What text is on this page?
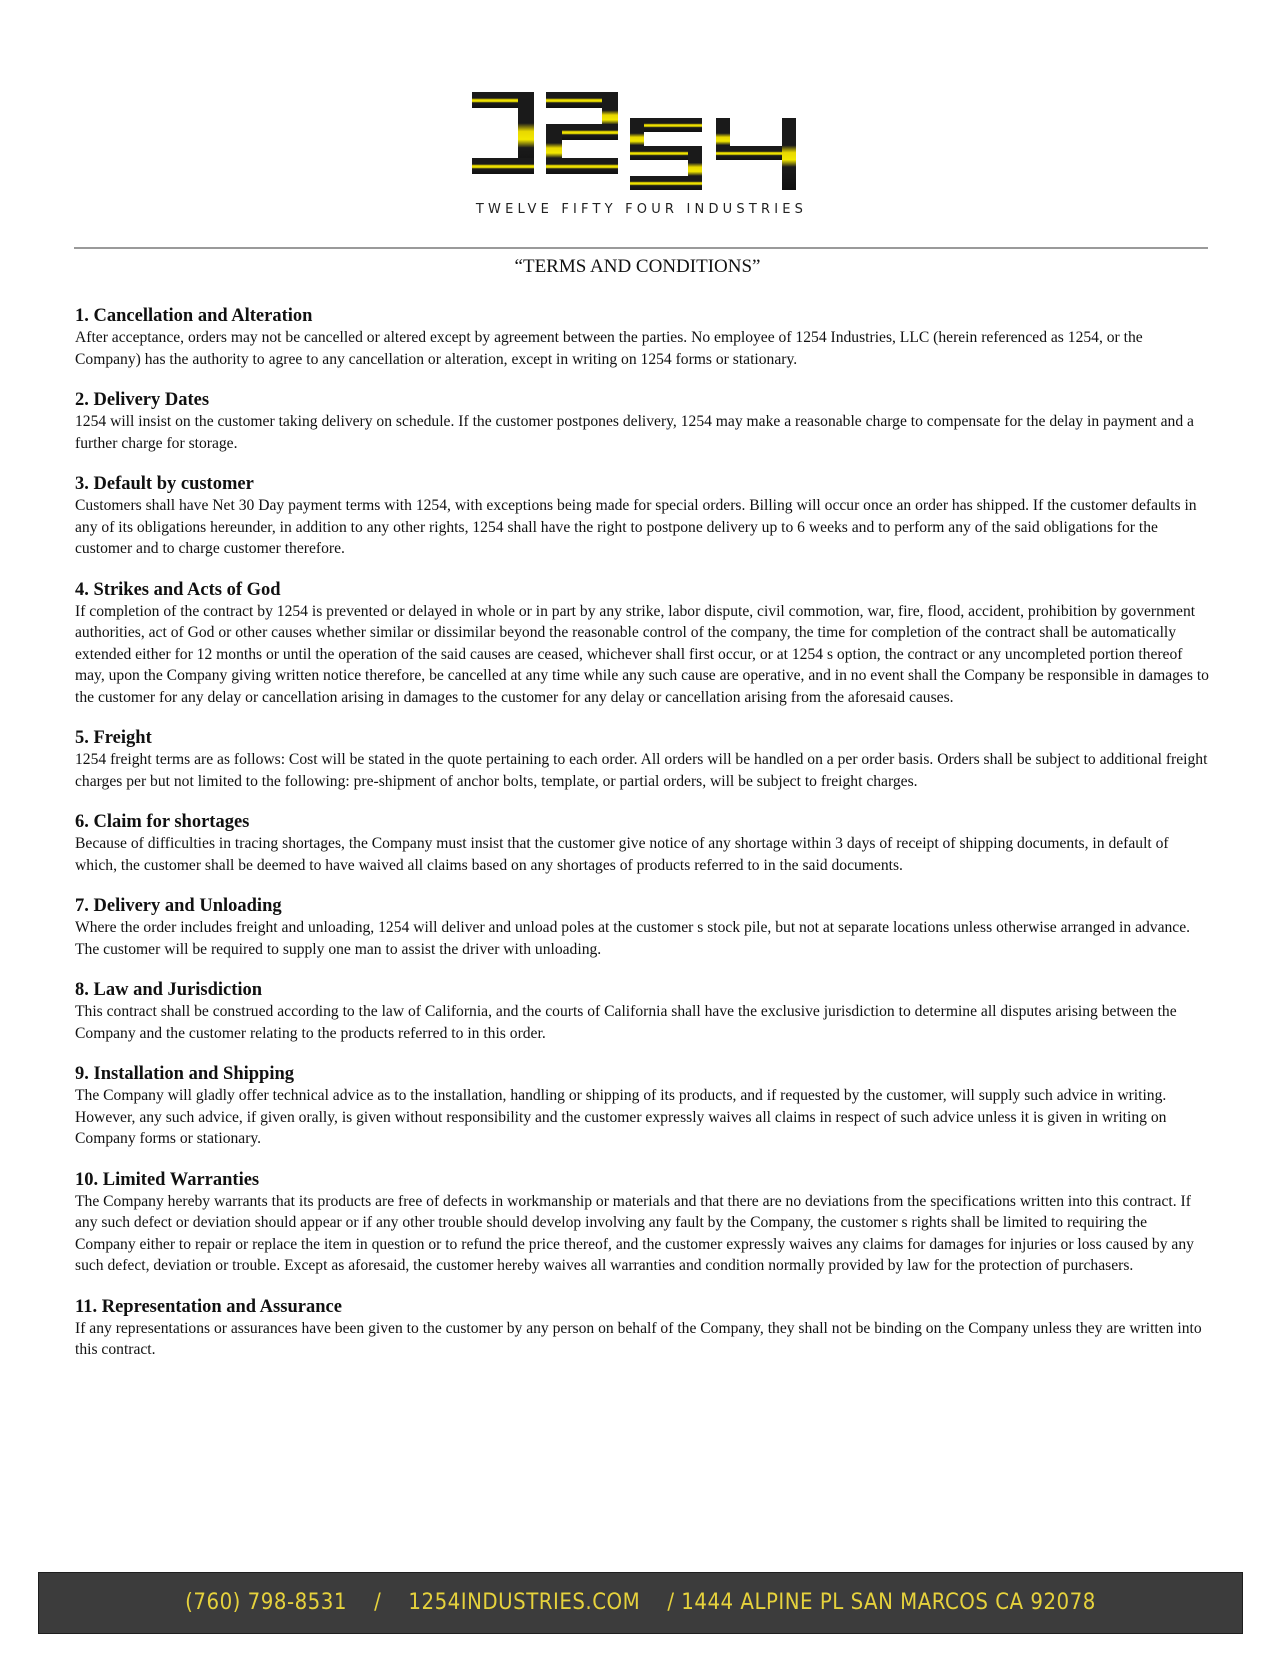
TWELVE FIFTY FOUR INDUSTRIES
“TERMS AND CONDITIONS”

1. Cancellation and Alteration

After acceptance, orders may not be cancelled or altered except by agreement between the parties. No employee of 1254 Industries, LLC (herein referenced as 1254, or the Company) has the authority to agree to any cancellation or alteration, except in writing on 1254 forms or stationary.

2. Delivery Dates

1254 will insist on the customer taking delivery on schedule. If the customer postpones delivery, 1254 may make a reasonable charge to compensate for the delay in payment and a further charge for storage.

3. Default by customer

Customers shall have Net 30 Day payment terms with 1254, with exceptions being made for special orders. Billing will occur once an order has shipped. If the customer defaults in any of its obligations hereunder, in addition to any other rights, 1254 shall have the right to postpone delivery up to 6 weeks and to perform any of the said obligations for the customer and to charge customer therefore.

4. Strikes and Acts of God

If completion of the contract by 1254 is prevented or delayed in whole or in part by any strike, labor dispute, civil commotion, war, fire, flood, accident, prohibition by government authorities, act of God or other causes whether similar or dissimilar beyond the reasonable control of the company, the time for completion of the contract shall be automatically extended either for 12 months or until the operation of the said causes are ceased, whichever shall first occur, or at 1254 s option, the contract or any uncompleted portion thereof may, upon the Company giving written notice therefore, be cancelled at any time while any such cause are operative, and in no event shall the Company be responsible in damages to the customer for any delay or cancellation arising in damages to the customer for any delay or cancellation arising from the aforesaid causes.

5. Freight

1254 freight terms are as follows: Cost will be stated in the quote pertaining to each order. All orders will be handled on a per order basis. Orders shall be subject to additional freight charges per but not limited to the following: pre-shipment of anchor bolts, template, or partial orders, will be subject to freight charges.

6. Claim for shortages

Because of difficulties in tracing shortages, the Company must insist that the customer give notice of any shortage within 3 days of receipt of shipping documents, in default of which, the customer shall be deemed to have waived all claims based on any shortages of products referred to in the said documents.

7. Delivery and Unloading

Where the order includes freight and unloading, 1254 will deliver and unload poles at the customer s stock pile, but not at separate locations unless otherwise arranged in advance. The customer will be required to supply one man to assist the driver with unloading.

8. Law and Jurisdiction

This contract shall be construed according to the law of California, and the courts of California shall have the exclusive jurisdiction to determine all disputes arising between the Company and the customer relating to the products referred to in this order.

9. Installation and Shipping

The Company will gladly offer technical advice as to the installation, handling or shipping of its products, and if requested by the customer, will supply such advice in writing. However, any such advice, if given orally, is given without responsibility and the customer expressly waives all claims in respect of such advice unless it is given in writing on Company forms or stationary.

10. Limited Warranties

The Company hereby warrants that its products are free of defects in workmanship or materials and that there are no deviations from the specifications written into this contract. If any such defect or deviation should appear or if any other trouble should develop involving any fault by the Company, the customer s rights shall be limited to requiring the Company either to repair or replace the item in question or to refund the price thereof, and the customer expressly waives any claims for damages for injuries or loss caused by any such defect, deviation or trouble. Except as aforesaid, the customer hereby waives all warranties and condition normally provided by law for the protection of purchasers.

11. Representation and Assurance

If any representations or assurances have been given to the customer by any person on behalf of the Company, they shall not be binding on the Company unless they are written into this contract.

(760) 798-8531    /    1254INDUSTRIES.COM    / 1444 ALPINE PL SAN MARCOS CA 92078
